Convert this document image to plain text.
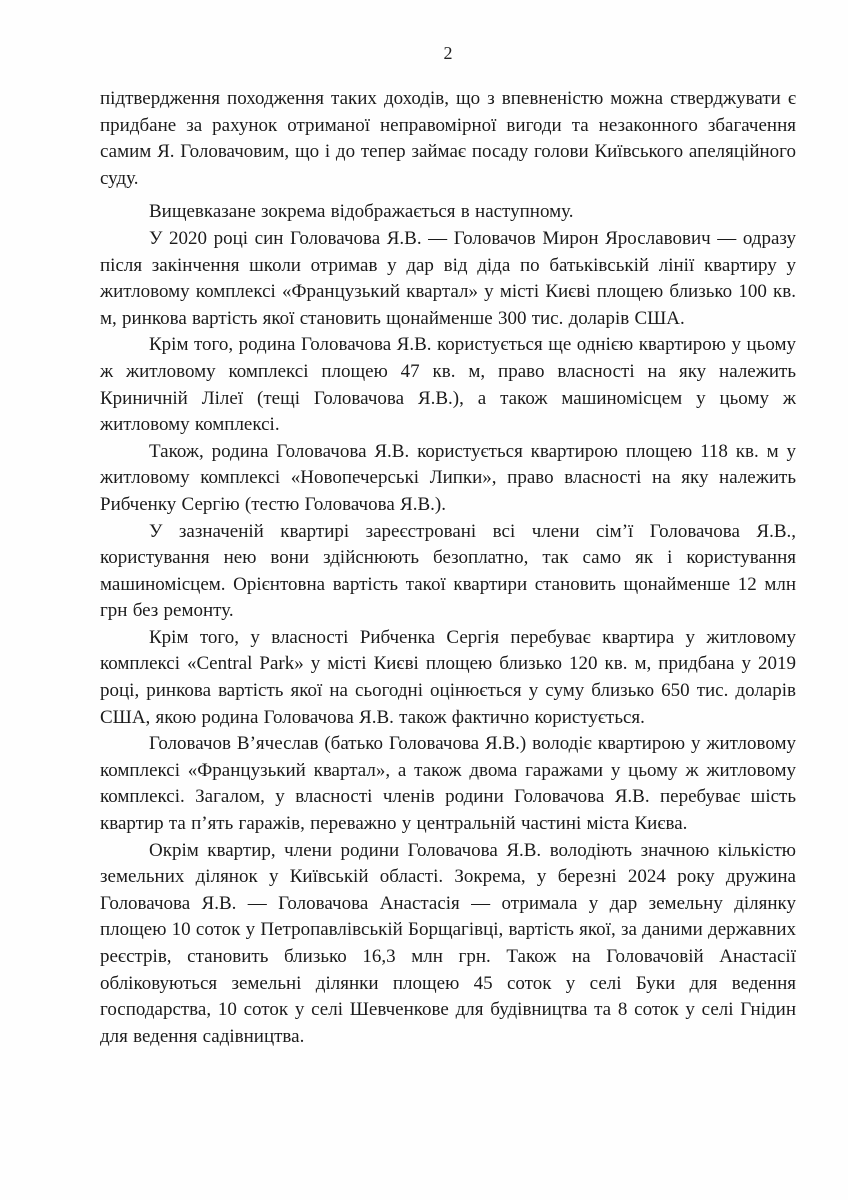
2

підтвердження походження таких доходів, що з впевненістю можна стверджувати є придбане за рахунок отриманої неправомірної вигоди та незаконного збагачення самим Я. Головачовим, що і до тепер займає посаду голови Київського апеляційного суду.

Вищевказане зокрема відображається в наступному.

У 2020 році син Головачова Я.В. — Головачов Мирон Ярославович — одразу після закінчення школи отримав у дар від діда по батьківській лінії квартиру у житловому комплексі «Французький квартал» у місті Києві площею близько 100 кв. м, ринкова вартість якої становить щонайменше 300 тис. доларів США.

Крім того, родина Головачова Я.В. користується ще однією квартирою у цьому ж житловому комплексі площею 47 кв. м, право власності на яку належить Криничній Лілеї (тещі Головачова Я.В.), а також машиномісцем у цьому ж житловому комплексі.

Також, родина Головачова Я.В. користується квартирою площею 118 кв. м у житловому комплексі «Новопечерські Липки», право власності на яку належить Рибченку Сергію (тестю Головачова Я.В.).

У зазначеній квартирі зареєстровані всі члени сім’ї Головачова Я.В., користування нею вони здійснюють безоплатно, так само як і користування машиномісцем. Орієнтовна вартість такої квартири становить щонайменше 12 млн грн без ремонту.

Крім того, у власності Рибченка Сергія перебуває квартира у житловому комплексі «Central Park» у місті Києві площею близько 120 кв. м, придбана у 2019 році, ринкова вартість якої на сьогодні оцінюється у суму близько 650 тис. доларів США, якою родина Головачова Я.В. також фактично користується.

Головачов В’ячеслав (батько Головачова Я.В.) володіє квартирою у житловому комплексі «Французький квартал», а також двома гаражами у цьому ж житловому комплексі. Загалом, у власності членів родини Головачова Я.В. перебуває шість квартир та п’ять гаражів, переважно у центральній частині міста Києва.

Окрім квартир, члени родини Головачова Я.В. володіють значною кількістю земельних ділянок у Київській області. Зокрема, у березні 2024 року дружина Головачова Я.В. — Головачова Анастасія — отримала у дар земельну ділянку площею 10 соток у Петропавлівській Борщагівці, вартість якої, за даними державних реєстрів, становить близько 16,3 млн грн. Також на Головачовій Анастасії обліковуються земельні ділянки площею 45 соток у селі Буки для ведення господарства, 10 соток у селі Шевченкове для будівництва та 8 соток у селі Гнідин для ведення садівництва.
